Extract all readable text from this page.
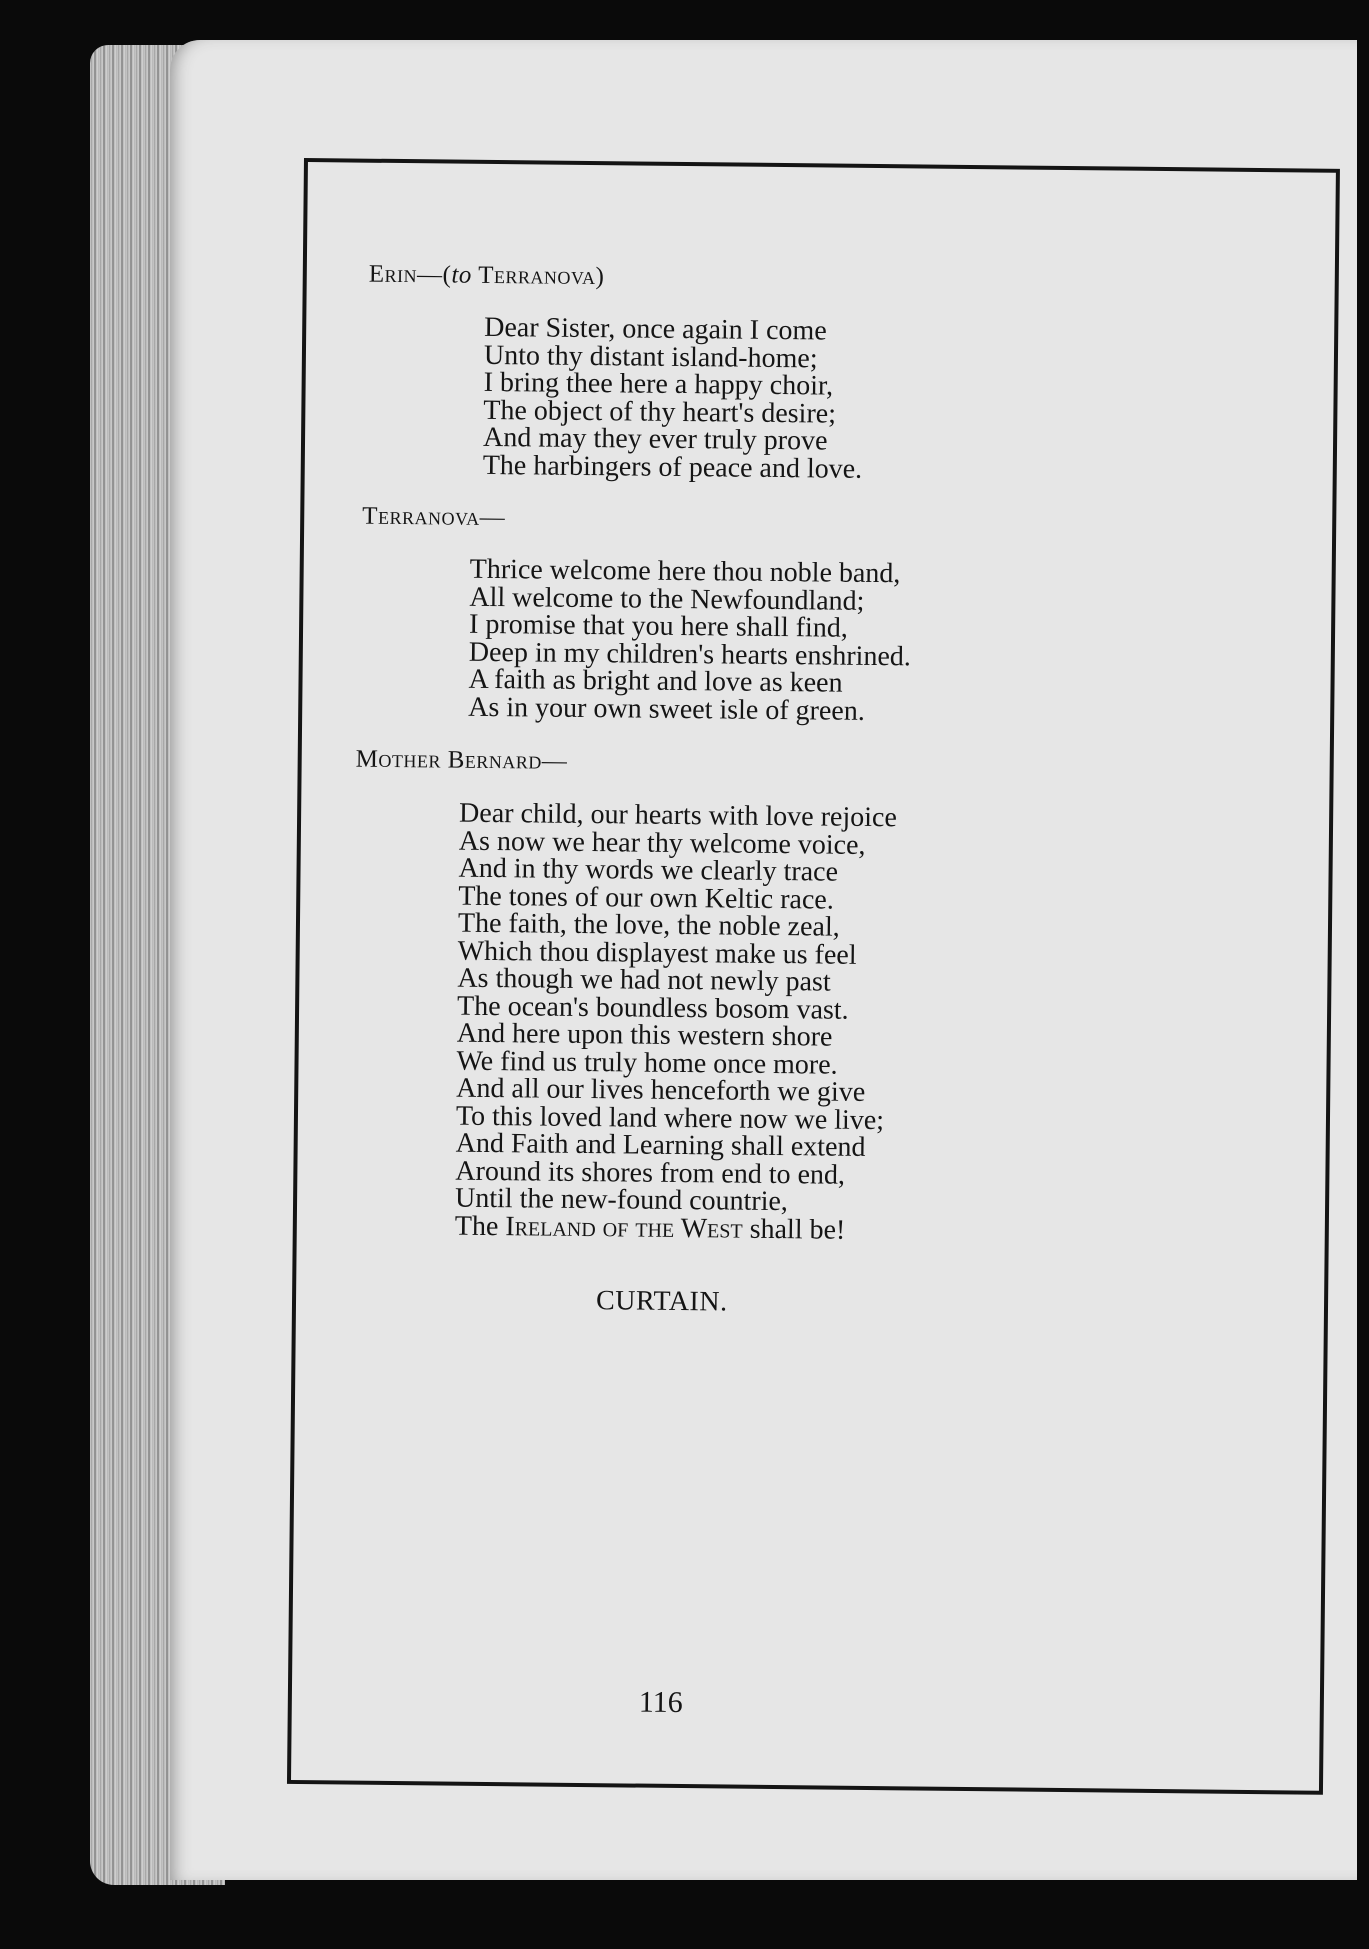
Erin—(to Terranova)
Dear Sister, once again I come
Unto thy distant island-home;
I bring thee here a happy choir,
The object of thy heart's desire;
And may they ever truly prove
The harbingers of peace and love.
Terranova—
Thrice welcome here thou noble band,
All welcome to the Newfoundland;
I promise that you here shall find,
Deep in my children's hearts enshrined.
A faith as bright and love as keen
As in your own sweet isle of green.
Mother Bernard—
Dear child, our hearts with love rejoice
As now we hear thy welcome voice,
And in thy words we clearly trace
The tones of our own Keltic race.
The faith, the love, the noble zeal,
Which thou displayest make us feel
As though we had not newly past
The ocean's boundless bosom vast.
And here upon this western shore
We find us truly home once more.
And all our lives henceforth we give
To this loved land where now we live;
And Faith and Learning shall extend
Around its shores from end to end,
Until the new-found countrie,
The Ireland of the West shall be!
CURTAIN.
116
